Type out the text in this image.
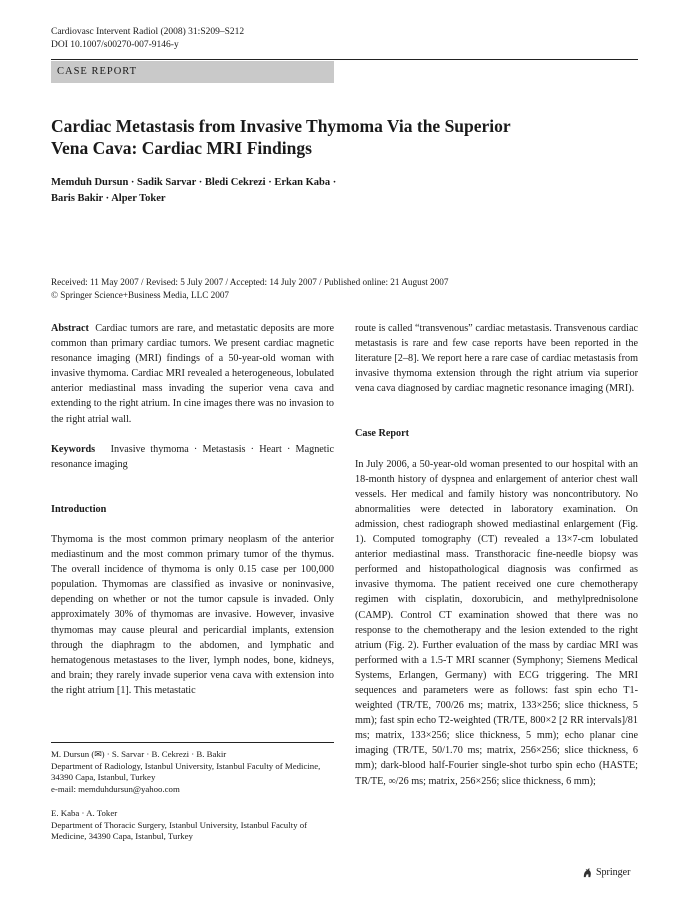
Cardiovasc Intervent Radiol (2008) 31:S209–S212
DOI 10.1007/s00270-007-9146-y
CASE REPORT
Cardiac Metastasis from Invasive Thymoma Via the Superior
Vena Cava: Cardiac MRI Findings
Memduh Dursun · Sadik Sarvar · Bledi Cekrezi · Erkan Kaba ·
Baris Bakir · Alper Toker
Received: 11 May 2007 / Revised: 5 July 2007 / Accepted: 14 July 2007 / Published online: 21 August 2007
© Springer Science+Business Media, LLC 2007

Abstract Cardiac tumors are rare, and metastatic deposits are more common than primary cardiac tumors. We present cardiac magnetic resonance imaging (MRI) findings of a 50-year-old woman with invasive thymoma. Cardiac MRI revealed a heterogeneous, lobulated anterior mediastinal mass invading the superior vena cava and extending to the right atrium. In cine images there was no invasion to the right atrial wall.

Keywords Invasive thymoma · Metastasis · Heart · Magnetic resonance imaging

Introduction

Thymoma is the most common primary neoplasm of the anterior mediastinum and the most common primary tumor of the thymus. The overall incidence of thymoma is only 0.15 case per 100,000 population. Thymomas are classified as invasive or noninvasive, depending on whether or not the tumor capsule is invaded. Only approximately 30% of thymomas are invasive. However, invasive thymomas may cause pleural and pericardial implants, extension through the diaphragm to the abdomen, and lymphatic and hematogenous metastases to the liver, lymph nodes, bone, kidneys, and brain; they rarely invade superior vena cava with extension into the right atrium [1]. This metastatic

M. Dursun (✉) · S. Sarvar · B. Cekrezi · B. Bakir
Department of Radiology, Istanbul University, Istanbul Faculty of Medicine, 34390 Capa, Istanbul, Turkey
e-mail: memduhdursun@yahoo.com
E. Kaba · A. Toker
Department of Thoracic Surgery, Istanbul University, Istanbul Faculty of Medicine, 34390 Capa, Istanbul, Turkey

route is called “transvenous” cardiac metastasis. Transvenous cardiac metastasis is rare and few case reports have been reported in the literature [2–8]. We report here a rare case of cardiac metastasis from invasive thymoma extension through the right atrium via superior vena cava diagnosed by cardiac magnetic resonance imaging (MRI).

Case Report

In July 2006, a 50-year-old woman presented to our hospital with an 18-month history of dyspnea and enlargement of anterior chest wall vessels. Her medical and family history was noncontributory. No abnormalities were detected in laboratory examination. On admission, chest radiograph showed mediastinal enlargement (Fig. 1). Computed tomography (CT) revealed a 13×7-cm lobulated anterior mediastinal mass. Transthoracic fine-needle biopsy was performed and histopathological diagnosis was confirmed as invasive thymoma. The patient received one cure chemotherapy regimen with cisplatin, doxorubicin, and methylprednisolone (CAMP). Control CT examination showed that there was no response to the chemotherapy and the lesion extended to the right atrium (Fig. 2). Further evaluation of the mass by cardiac MRI was performed with a 1.5-T MRI scanner (Symphony; Siemens Medical Systems, Erlangen, Germany) with ECG triggering. The MRI sequences and parameters were as follows: fast spin echo T1-weighted (TR/TE, 700/26 ms; matrix, 133×256; slice thickness, 5 mm); fast spin echo T2-weighted (TR/TE, 800×2 [2 RR intervals]/81 ms; matrix, 133×256; slice thickness, 5 mm); echo planar cine imaging (TR/TE, 50/1.70 ms; matrix, 256×256; slice thickness, 6 mm); dark-blood half-Fourier single-shot turbo spin echo (HASTE; TR/TE, ∞/26 ms; matrix, 256×256; slice thickness, 6 mm);

Springer
